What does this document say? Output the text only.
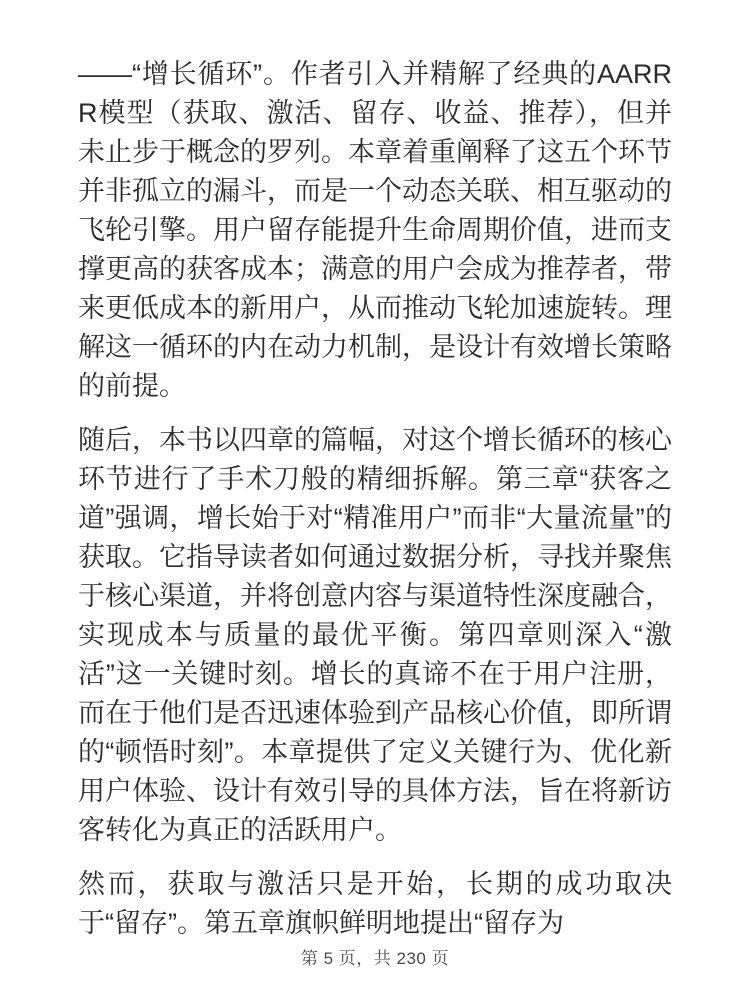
——“增长循环”。作者引入并精解了经典的AARRR模型（获取、激活、留存、收益、推荐），但并未止步于概念的罗列。本章着重阐释了这五个环节并非孤立的漏斗，而是一个动态关联、相互驱动的飞轮引擎。用户留存能提升生命周期价值，进而支撑更高的获客成本；满意的用户会成为推荐者，带来更低成本的新用户，从而推动飞轮加速旋转。理解这一循环的内在动力机制，是设计有效增长策略的前提。

随后，本书以四章的篇幅，对这个增长循环的核心环节进行了手术刀般的精细拆解。第三章“获客之道”强调，增长始于对“精准用户”而非“大量流量”的获取。它指导读者如何通过数据分析，寻找并聚焦于核心渠道，并将创意内容与渠道特性深度融合，实现成本与质量的最优平衡。第四章则深入“激活”这一关键时刻。增长的真谛不在于用户注册，而在于他们是否迅速体验到产品核心价值，即所谓的“顿悟时刻”。本章提供了定义关键行为、优化新用户体验、设计有效引导的具体方法，旨在将新访客转化为真正的活跃用户。

然而，获取与激活只是开始，长期的成功取决于“留存”。第五章旗帜鲜明地提出“留存为

第 5 页，共 230 页
